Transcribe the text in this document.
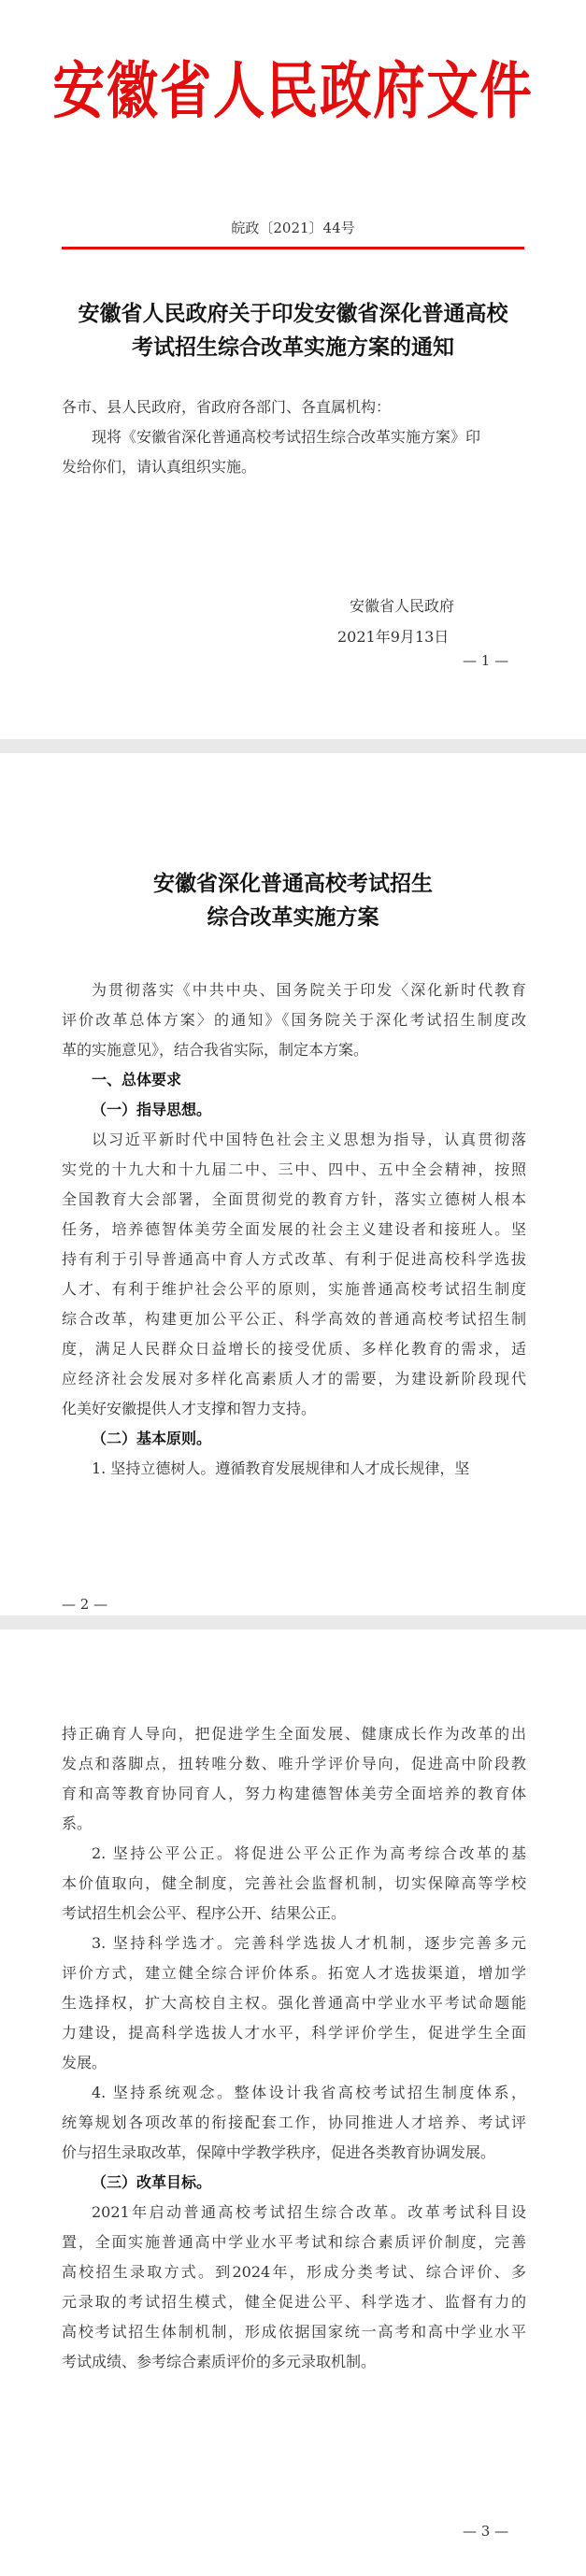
安徽省人民政府文件
皖政〔2021〕44号
安徽省人民政府关于印发安徽省深化普通高校
考试招生综合改革实施方案的通知
各市、县人民政府，省政府各部门、各直属机构：
现将《安徽省深化普通高校考试招生综合改革实施方案》印
发给你们，请认真组织实施。
安徽省人民政府
2021年9月13日
— 1 —
安徽省深化普通高校考试招生
综合改革实施方案
为贯彻落实《中共中央、国务院关于印发〈深化新时代教育
评价改革总体方案〉的通知》《国务院关于深化考试招生制度改
革的实施意见》，结合我省实际，制定本方案。
一、总体要求
（一）指导思想。
以习近平新时代中国特色社会主义思想为指导，认真贯彻落
实党的十九大和十九届二中、三中、四中、五中全会精神，按照
全国教育大会部署，全面贯彻党的教育方针，落实立德树人根本
任务，培养德智体美劳全面发展的社会主义建设者和接班人。坚
持有利于引导普通高中育人方式改革、有利于促进高校科学选拔
人才、有利于维护社会公平的原则，实施普通高校考试招生制度
综合改革，构建更加公平公正、科学高效的普通高校考试招生制
度，满足人民群众日益增长的接受优质、多样化教育的需求，适
应经济社会发展对多样化高素质人才的需要，为建设新阶段现代
化美好安徽提供人才支撑和智力支持。
（二）基本原则。
1. 坚持立德树人。遵循教育发展规律和人才成长规律，坚
— 2 —
持正确育人导向，把促进学生全面发展、健康成长作为改革的出
发点和落脚点，扭转唯分数、唯升学评价导向，促进高中阶段教
育和高等教育协同育人，努力构建德智体美劳全面培养的教育体
系。
2. 坚持公平公正。将促进公平公正作为高考综合改革的基
本价值取向，健全制度，完善社会监督机制，切实保障高等学校
考试招生机会公平、程序公开、结果公正。
3. 坚持科学选才。完善科学选拔人才机制，逐步完善多元
评价方式，建立健全综合评价体系。拓宽人才选拔渠道，增加学
生选择权，扩大高校自主权。强化普通高中学业水平考试命题能
力建设，提高科学选拔人才水平，科学评价学生，促进学生全面
发展。
4. 坚持系统观念。整体设计我省高校考试招生制度体系，
统筹规划各项改革的衔接配套工作，协同推进人才培养、考试评
价与招生录取改革，保障中学教学秩序，促进各类教育协调发展。
（三）改革目标。
2021年启动普通高校考试招生综合改革。改革考试科目设
置，全面实施普通高中学业水平考试和综合素质评价制度，完善
高校招生录取方式。到2024年，形成分类考试、综合评价、多
元录取的考试招生模式，健全促进公平、科学选才、监督有力的
高校考试招生体制机制，形成依据国家统一高考和高中学业水平
考试成绩、参考综合素质评价的多元录取机制。
— 3 —
